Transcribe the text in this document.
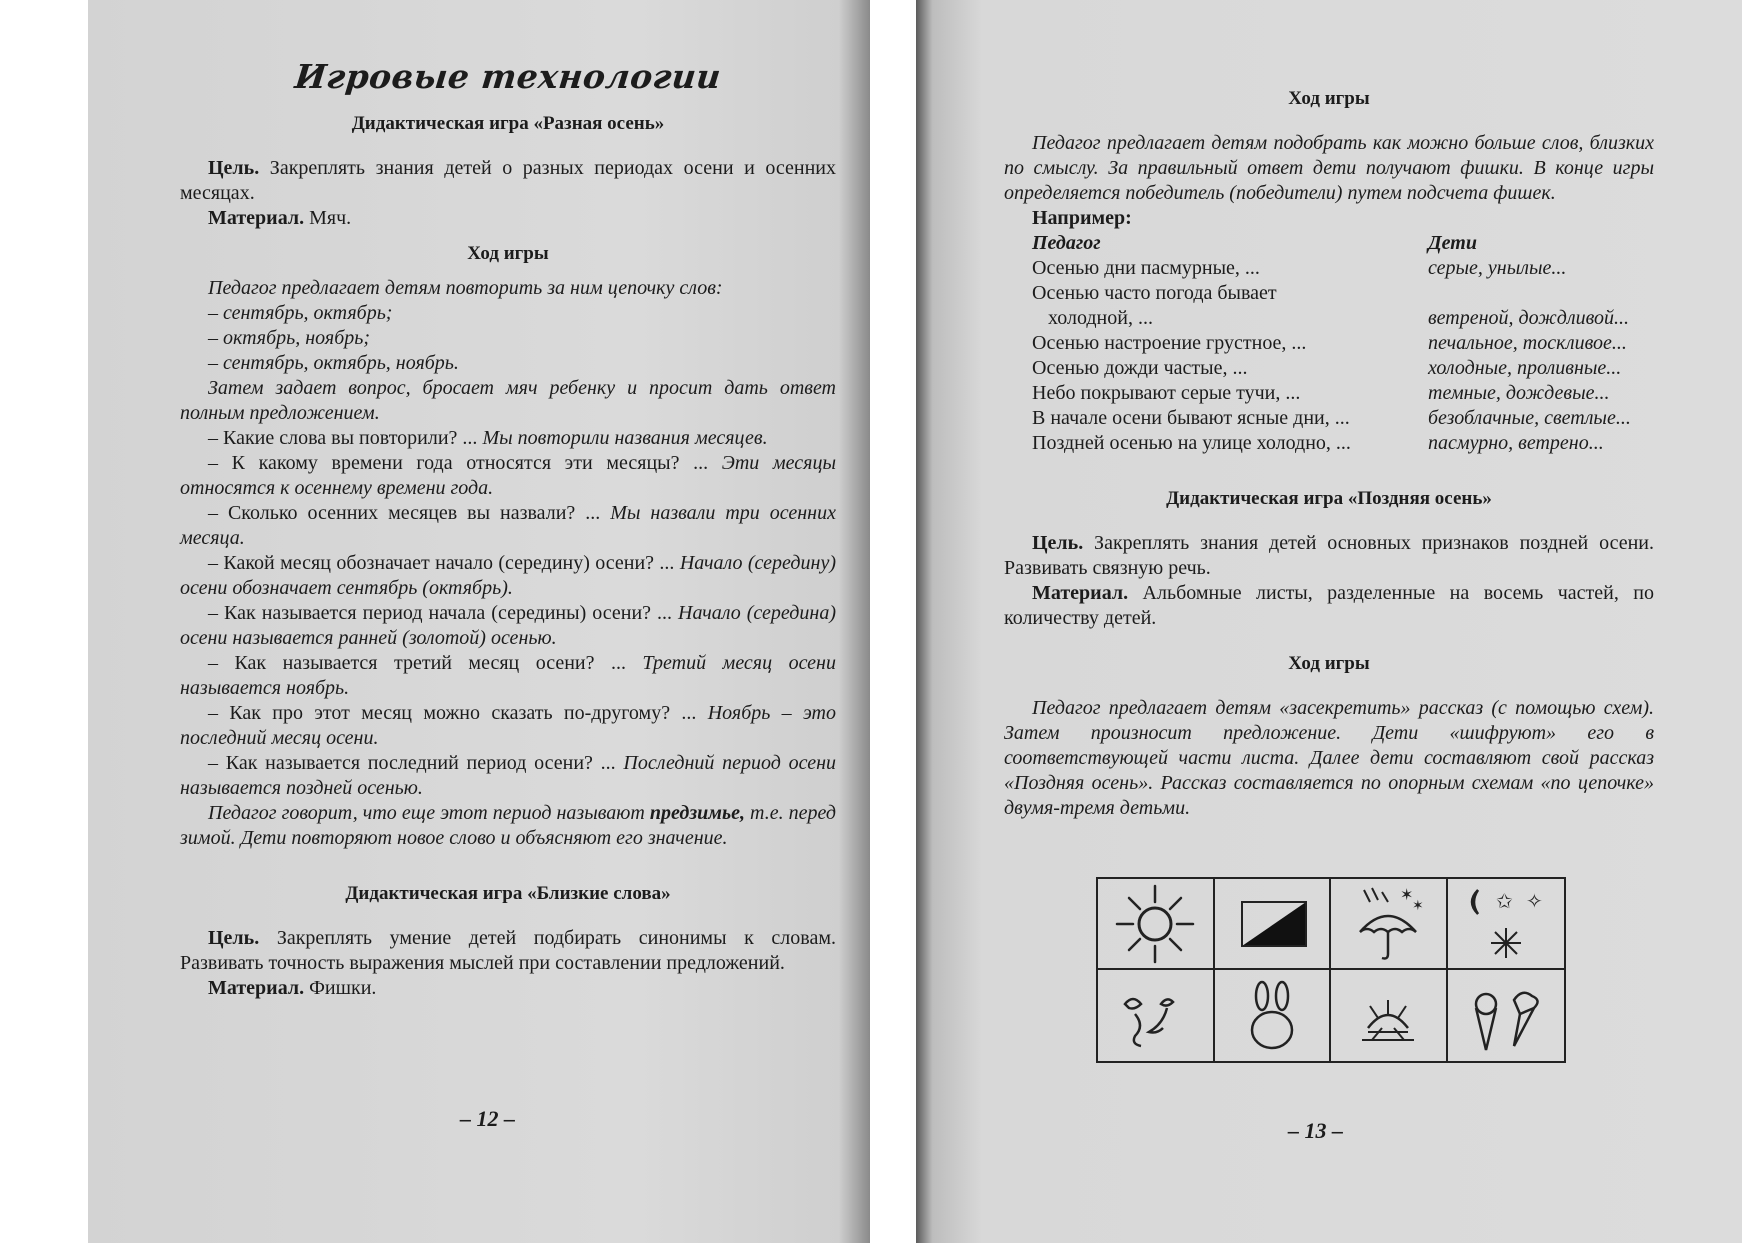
Игровые технологии

Дидактическая игра «Разная осень»

Цель. Закреплять знания детей о разных периодах осени и осенних месяцах.

Материал. Мяч.

Ход игры

Педагог предлагает детям повторить за ним цепочку слов:

– сентябрь, октябрь;

– октябрь, ноябрь;

– сентябрь, октябрь, ноябрь.

Затем задает вопрос, бросает мяч ребенку и просит дать ответ полным предложением.

– Какие слова вы повторили? ... Мы повторили названия месяцев.

– К какому времени года относятся эти месяцы? ... Эти месяцы относятся к осеннему времени года.

– Сколько осенних месяцев вы назвали? ... Мы назвали три осенних месяца.

– Какой месяц обозначает начало (середину) осени? ... Начало (середину) осени обозначает сентябрь (октябрь).

– Как называется период начала (середины) осени? ... Начало (середина) осени называется ранней (золотой) осенью.

– Как называется третий месяц осени? ... Третий месяц осени называется ноябрь.

– Как про этот месяц можно сказать по-другому? ... Ноябрь – это последний месяц осени.

– Как называется последний период осени? ... Последний период осени называется поздней осенью.

Педагог говорит, что еще этот период называют предзимье, т.е. перед зимой. Дети повторяют новое слово и объясняют его значение.

Дидактическая игра «Близкие слова»

Цель. Закреплять умение детей подбирать синонимы к словам. Развивать точность выражения мыслей при составлении предложений.

Материал. Фишки.

– 12 –

Ход игры

Педагог предлагает детям подобрать как можно больше слов, близких по смыслу. За правильный ответ дети получают фишки. В конце игры определяется победитель (победители) путем подсчета фишек.

Например:

Педагог	Дети
Осенью дни пасмурные, ...	серые, унылые...
Осенью часто погода бывает	
холодной, ...	ветреной, дождливой...
Осенью настроение грустное, ...	печальное, тоскливое...
Осенью дожди частые, ...	холодные, проливные...
Небо покрывают серые тучи, ...	темные, дождевые...
В начале осени бывают ясные дни, ...	безоблачные, светлые...
Поздней осенью на улице холодно, ...	пасмурно, ветрено...

Дидактическая игра «Поздняя осень»

Цель. Закреплять знания детей основных признаков поздней осени. Развивать связную речь.

Материал. Альбомные листы, разделенные на восемь частей, по количеству детей.

Ход игры

Педагог предлагает детям «засекретить» рассказ (с помощью схем). Затем произносит предложение. Дети «шифруют» его в соответствующей части листа. Далее дети составляют свой рассказ «Поздняя осень». Рассказ составляется по опорным схемам «по цепочке» двумя-тремя детьми.

✶
✶	✩ ✧
– 13 –
